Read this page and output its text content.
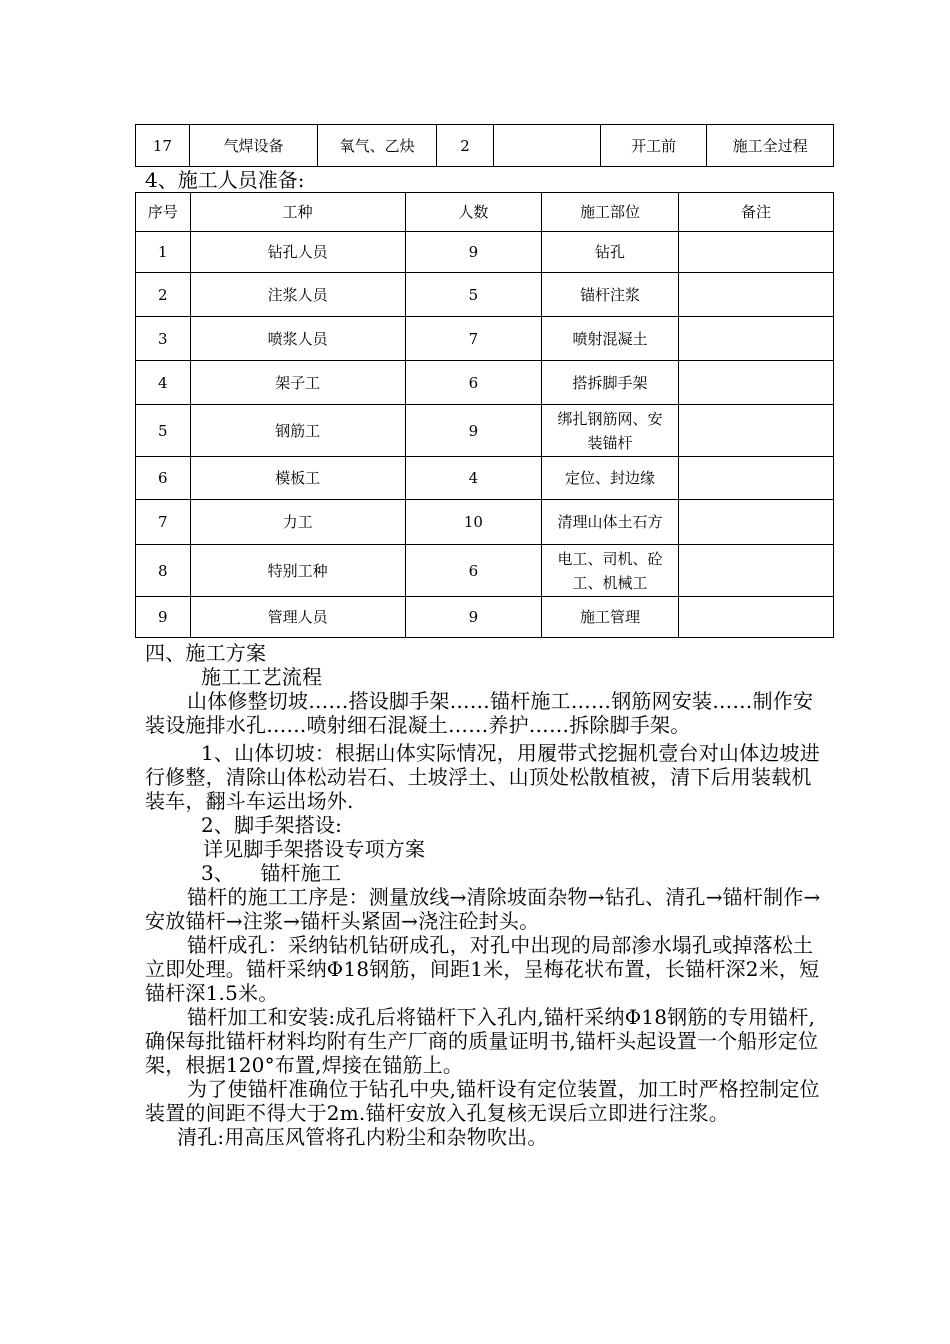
17	气焊设备	氧气、乙炔	2		开工前	施工全过程
4、施工人员准备:
序号	工种	人数	施工部位	备注
1	钻孔人员	9	钻孔	
2	注浆人员	5	锚杆注浆	
3	喷浆人员	7	喷射混凝土	
4	架子工	6	搭拆脚手架	
5	钢筋工	9	绑扎钢筋网、安装锚杆	
6	模板工	4	定位、封边缘	
7	力工	10	清理山体土石方	
8	特别工种	6	电工、司机、砼工、机械工	
9	管理人员	9	施工管理	

四、施工方案

施工工艺流程

山体修整切坡……搭设脚手架……锚杆施工……钢筋网安装……制作安装设施排水孔……喷射细石混凝土……养护……拆除脚手架。

1、山体切坡：根据山体实际情况，用履带式挖掘机壹台对山体边坡进行修整，清除山体松动岩石、土坡浮土、山顶处松散植被，清下后用装载机装车，翻斗车运出场外.

2、脚手架搭设:

详见脚手架搭设专项方案

3、    锚杆施工

锚杆的施工工序是：测量放线→清除坡面杂物→钻孔、清孔→锚杆制作→安放锚杆→注浆→锚杆头紧固→浇注砼封头。

锚杆成孔：采纳钻机钻研成孔，对孔中出现的局部渗水塌孔或掉落松土立即处理。锚杆采纳Φ18钢筋，间距1米，呈梅花状布置，长锚杆深2米，短锚杆深1.5米。

锚杆加工和安装:成孔后将锚杆下入孔内,锚杆采纳Φ18钢筋的专用锚杆,确保每批锚杆材料均附有生产厂商的质量证明书,锚杆头起设置一个船形定位架，根据120°布置,焊接在锚筋上。

为了使锚杆准确位于钻孔中央,锚杆设有定位装置，加工时严格控制定位装置的间距不得大于2m.锚杆安放入孔复核无误后立即进行注浆。

清孔:用高压风管将孔内粉尘和杂物吹出。
